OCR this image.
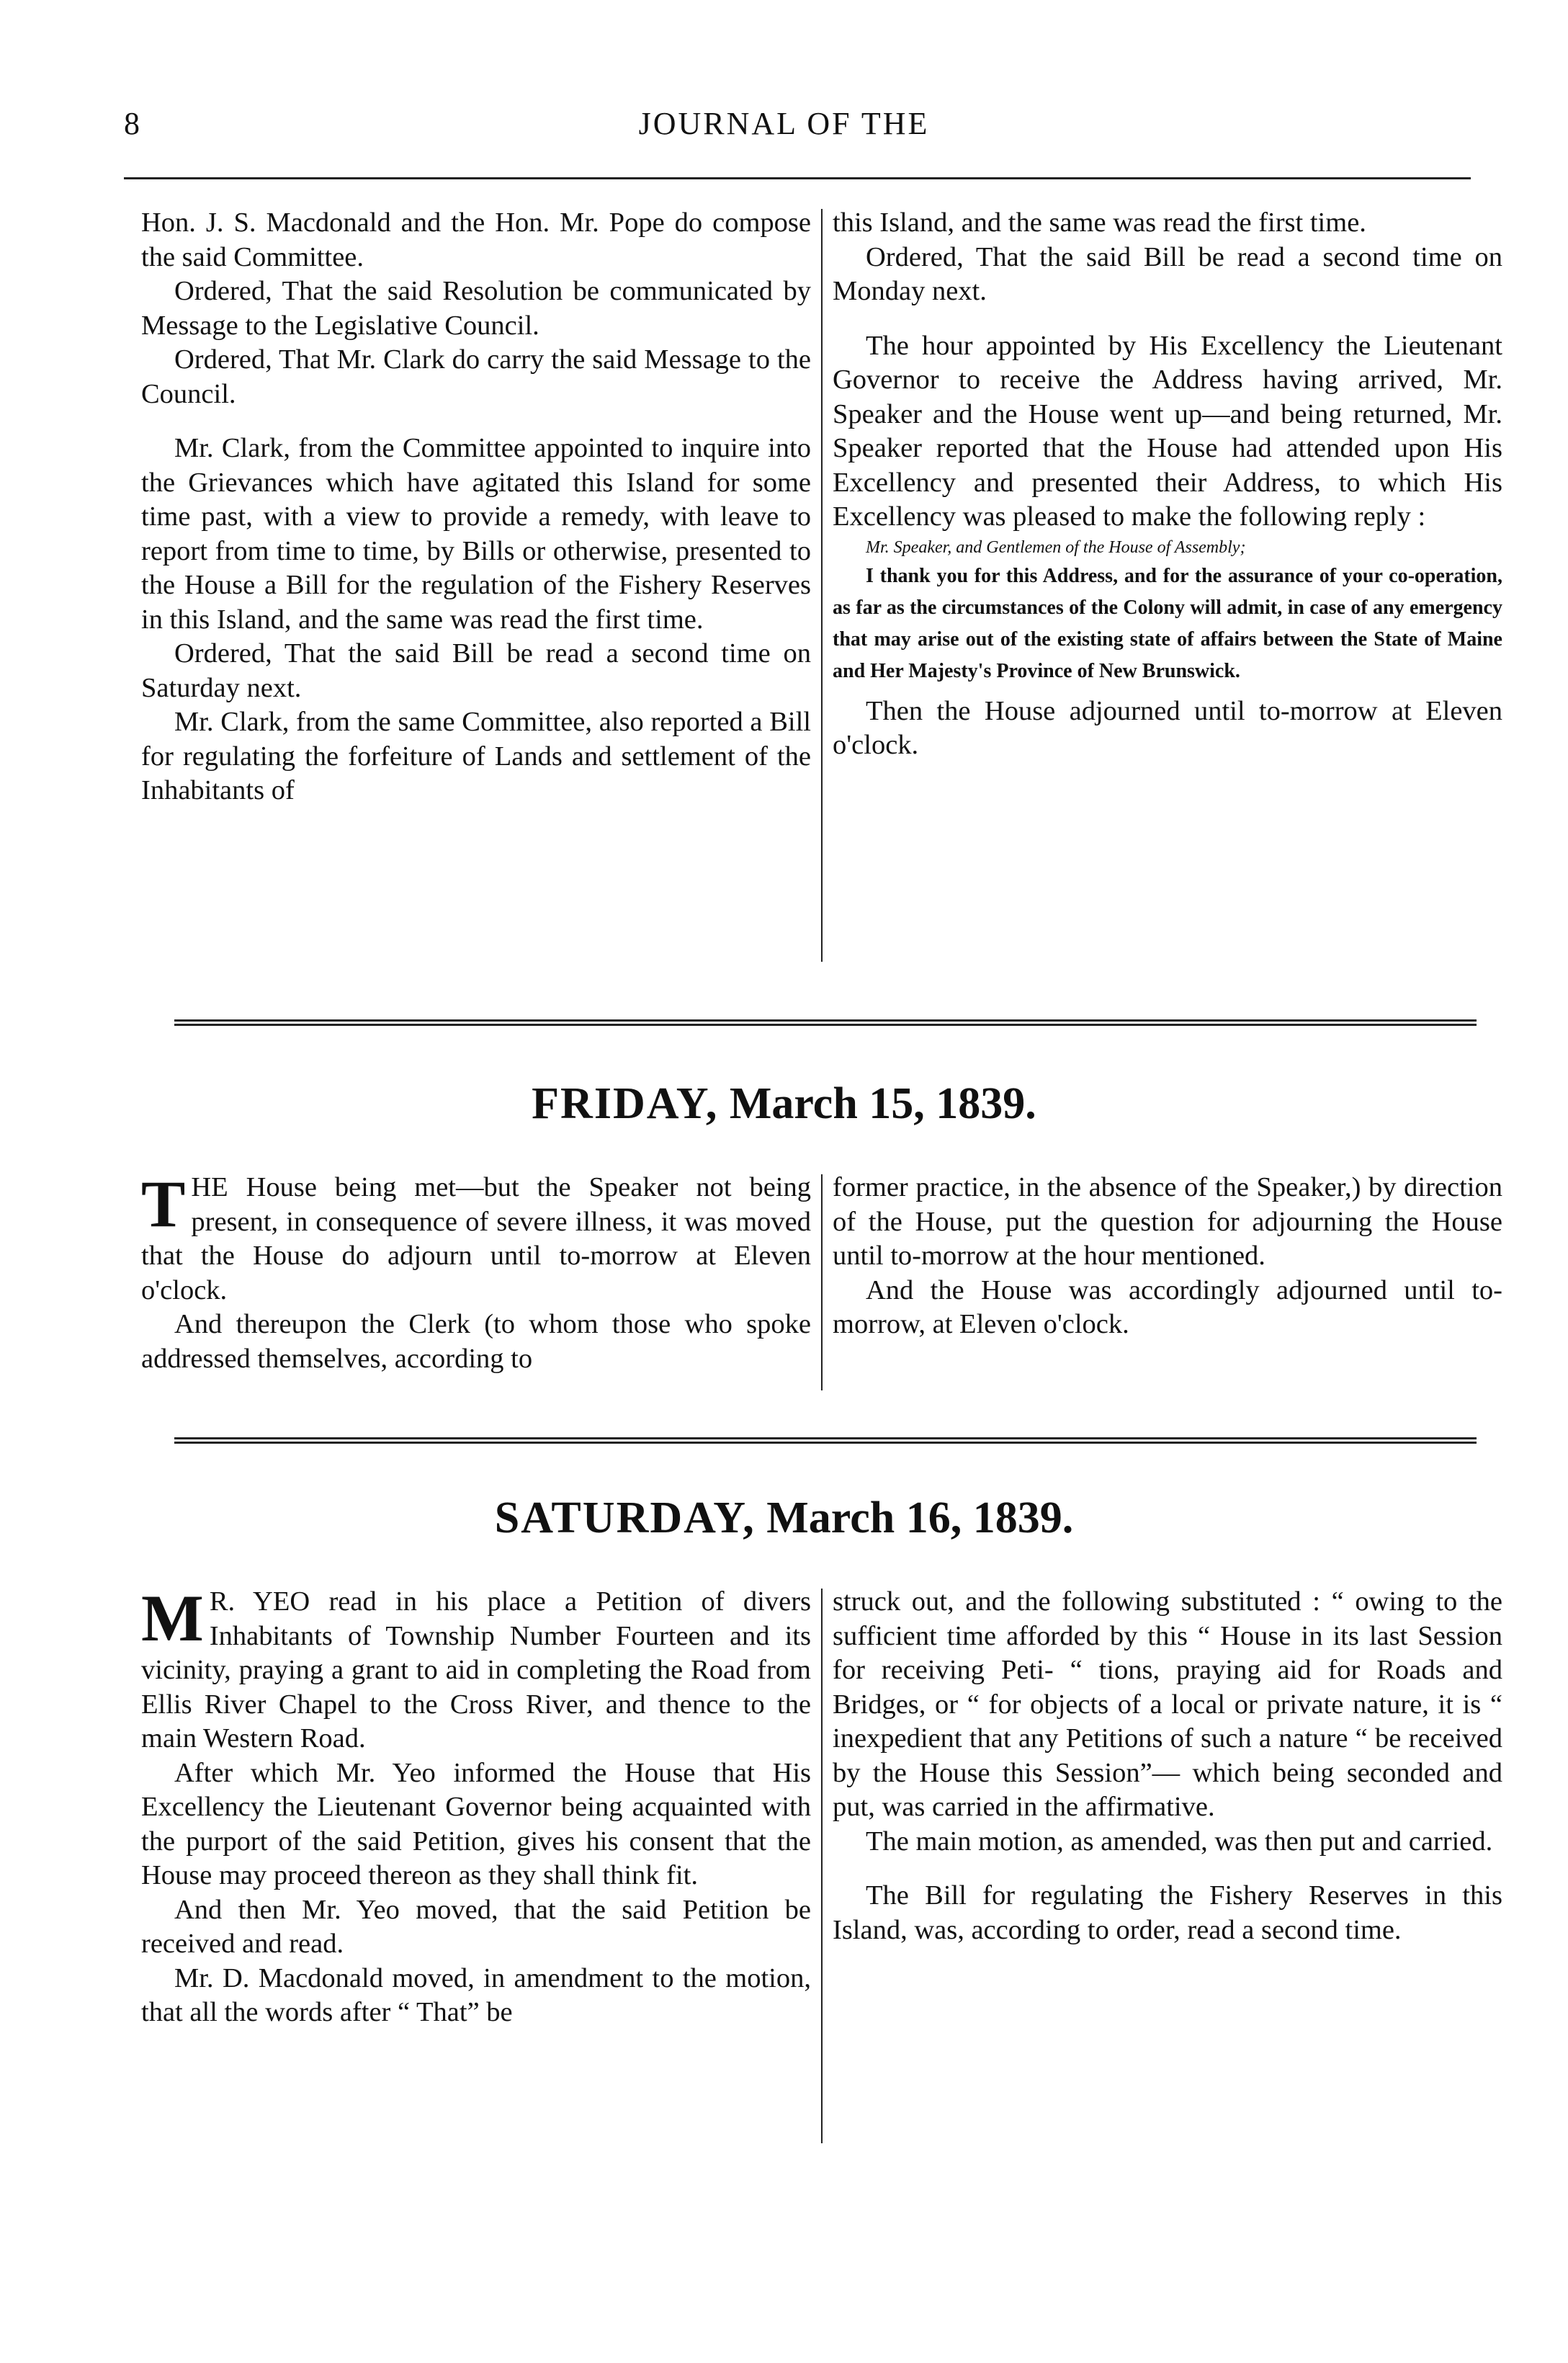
8	JOURNAL OF THE

Hon. J. S. Macdonald and the Hon. Mr. Pope do compose the said Committee.

Ordered, That the said Resolution be communicated by Message to the Legislative Council.

Ordered, That Mr. Clark do carry the said Message to the Council.

Mr. Clark, from the Committee appointed to inquire into the Grievances which have agitated this Island for some time past, with a view to provide a remedy, with leave to report from time to time, by Bills or otherwise, presented to the House a Bill for the regulation of the Fishery Reserves in this Island, and the same was read the first time.

Ordered, That the said Bill be read a second time on Saturday next.

Mr. Clark, from the same Committee, also reported a Bill for regulating the forfeiture of Lands and settlement of the Inhabitants of

this Island, and the same was read the first time.

Ordered, That the said Bill be read a second time on Monday next.

The hour appointed by His Excellency the Lieutenant Governor to receive the Address having arrived, Mr. Speaker and the House went up—and being returned, Mr. Speaker reported that the House had attended upon His Excellency and presented their Address, to which His Excellency was pleased to make the following reply :

Mr. Speaker, and Gentlemen of the House of Assembly;

I thank you for this Address, and for the assurance of your co-operation, as far as the circumstances of the Colony will admit, in case of any emergency that may arise out of the existing state of affairs between the State of Maine and Her Majesty's Province of New Brunswick.

Then the House adjourned until to-morrow at Eleven o'clock.

FRIDAY, March 15, 1839.

THE House being met—but the Speaker not being present, in consequence of severe illness, it was moved that the House do adjourn until to-morrow at Eleven o'clock.

And thereupon the Clerk (to whom those who spoke addressed themselves, according to

former practice, in the absence of the Speaker,) by direction of the House, put the question for adjourning the House until to-morrow at the hour mentioned.

And the House was accordingly adjourned until to-morrow, at Eleven o'clock.

SATURDAY, March 16, 1839.

M R. YEO read in his place a Petition of divers Inhabitants of Township Number Fourteen and its vicinity, praying a grant to aid in completing the Road from Ellis River Chapel to the Cross River, and thence to the main Western Road.

After which Mr. Yeo informed the House that His Excellency the Lieutenant Governor being acquainted with the purport of the said Petition, gives his consent that the House may proceed thereon as they shall think fit.

And then Mr. Yeo moved, that the said Petition be received and read.

Mr. D. Macdonald moved, in amendment to the motion, that all the words after “ That” be

struck out, and the following substituted : “ owing to the sufficient time afforded by this “ House in its last Session for receiving Peti- “ tions, praying aid for Roads and Bridges, or “ for objects of a local or private nature, it is “ inexpedient that any Petitions of such a nature “ be received by the House this Session”— which being seconded and put, was carried in the affirmative.

The main motion, as amended, was then put and carried.

The Bill for regulating the Fishery Reserves in this Island, was, according to order, read a second time.
